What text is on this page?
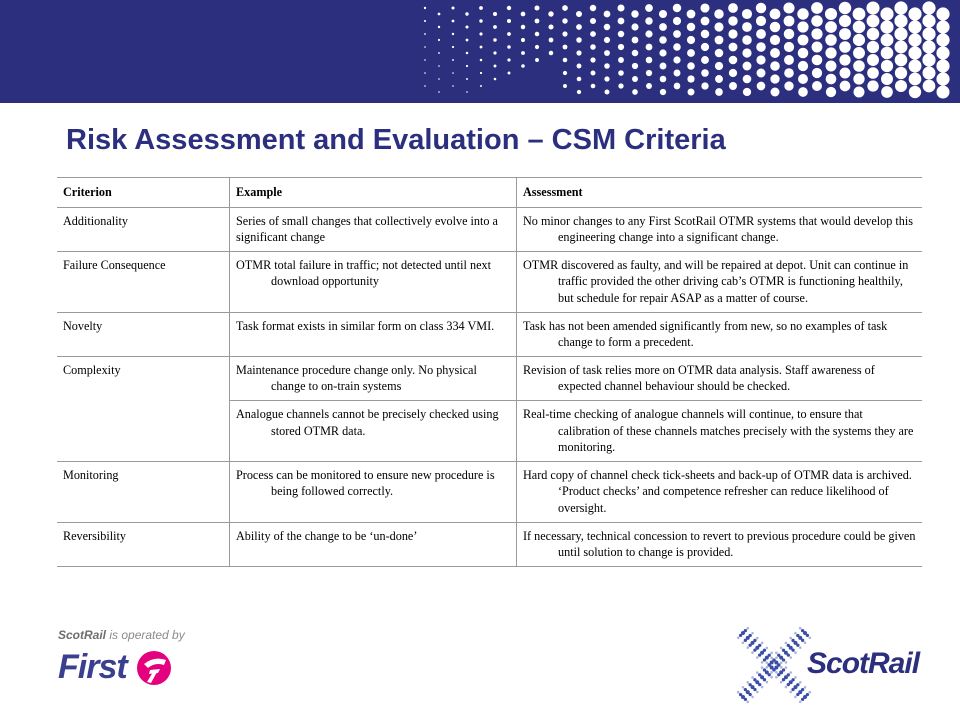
Risk Assessment and Evaluation – CSM Criteria
Criterion	Example	Assessment
Additionality	Series of small changes that collectively evolve into a significant change	No minor changes to any First ScotRail OTMR systems that would develop this engineering change into a significant change.

Failure Consequence	OTMR total failure in traffic; not detected until next download opportunity	OTMR discovered as faulty, and will be repaired at depot. Unit can continue in traffic provided the other driving cab’s OTMR is functioning healthily, but schedule for repair ASAP as a matter of course.

Novelty	Task format exists in similar form on class 334 VMI.	Task has not been amended significantly from new, so no examples of task change to form a precedent.

Complexity	Maintenance procedure change only. No physical change to on-train systems	Revision of task relies more on OTMR data analysis. Staff awareness of expected channel behaviour should be checked.

	Analogue channels cannot be precisely checked using stored OTMR data.	Real-time checking of analogue channels will continue, to ensure that calibration of these channels matches precisely with the systems they are monitoring.

Monitoring	Process can be monitored to ensure new procedure is being followed correctly.	Hard copy of channel check tick-sheets and back-up of OTMR data is archived. ‘Product checks’ and competence refresher can reduce likelihood of oversight.

Reversibility	Ability of the change to be ‘un-done’	If necessary, technical concession to revert to previous procedure could be given until solution to change is provided.
ScotRail is operated by
First	ScotRail
